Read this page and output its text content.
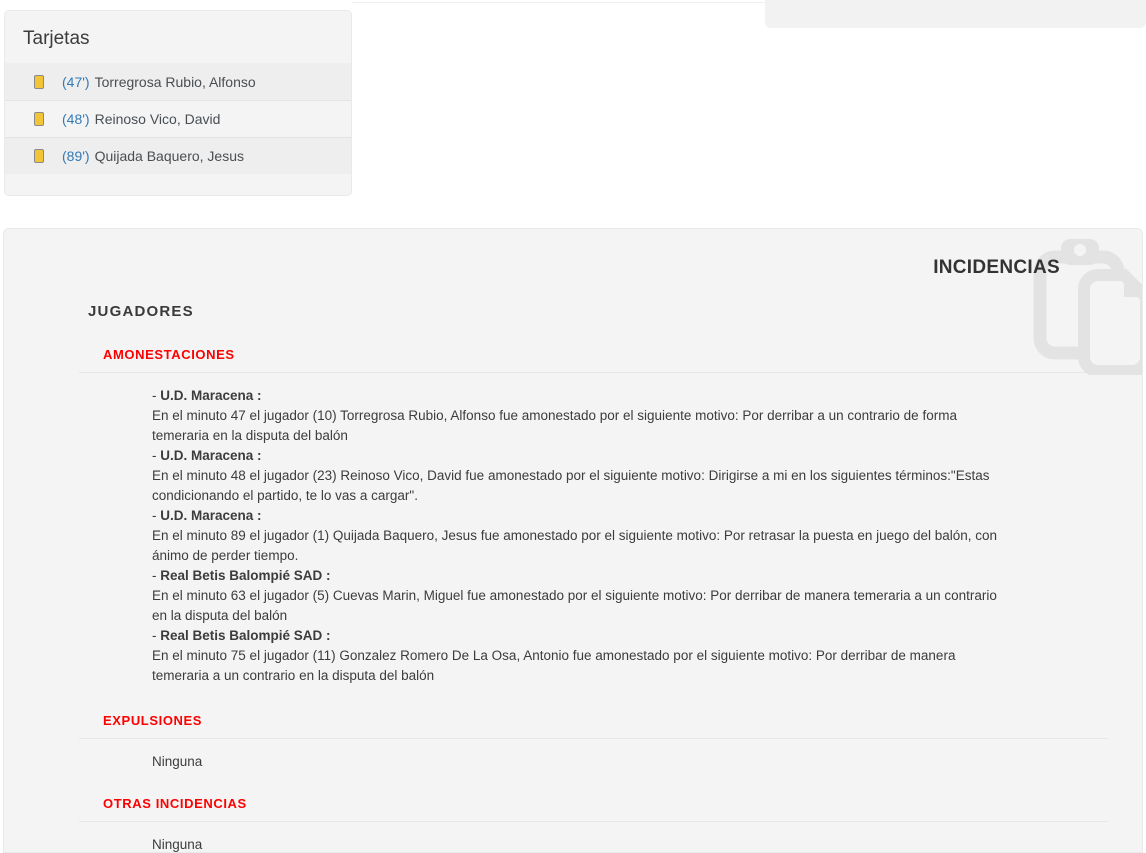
Tarjetas
(47') Torregrosa Rubio, Alfonso
(48') Reinoso Vico, David
(89') Quijada Baquero, Jesus
INCIDENCIAS
JUGADORES
AMONESTACIONES
- U.D. Maracena :
En el minuto 47 el jugador (10) Torregrosa Rubio, Alfonso fue amonestado por el siguiente motivo: Por derribar a un contrario de forma temeraria en la disputa del balón
- U.D. Maracena :
En el minuto 48 el jugador (23) Reinoso Vico, David fue amonestado por el siguiente motivo: Dirigirse a mi en los siguientes términos:"Estas condicionando el partido, te lo vas a cargar".
- U.D. Maracena :
En el minuto 89 el jugador (1) Quijada Baquero, Jesus fue amonestado por el siguiente motivo: Por retrasar la puesta en juego del balón, con ánimo de perder tiempo.
- Real Betis Balompié SAD :
En el minuto 63 el jugador (5) Cuevas Marin, Miguel fue amonestado por el siguiente motivo: Por derribar de manera temeraria a un contrario en la disputa del balón
- Real Betis Balompié SAD :
En el minuto 75 el jugador (11) Gonzalez Romero De La Osa, Antonio fue amonestado por el siguiente motivo: Por derribar de manera temeraria a un contrario en la disputa del balón
EXPULSIONES
Ninguna
OTRAS INCIDENCIAS
Ninguna
